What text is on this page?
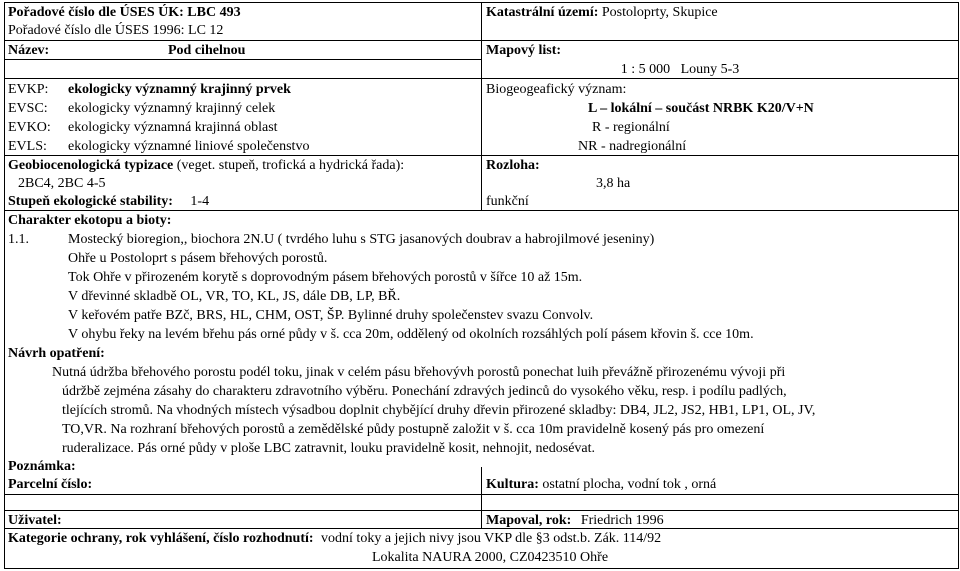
Pořadové číslo dle ÚSES ÚK: LBC 493
Pořadové číslo dle ÚSES 1996: LC 12
Katastrální území: Postoloprty, Skupice
Název:	Pod cihelnou	Mapový list:
1 : 5 000   Louny 5-3
EVKP: ekologicky významný krajinný prvek
EVSC: ekologicky významný krajinný celek
EVKO: ekologicky významná krajinná oblast
EVLS: ekologicky významné liniové společenstvo
Biogeogeafický význam:
L – lokální – součást NRBK K20/V+N
R - regionální
NR - nadregionální
Geobiocenologická typizace (veget. stupeň, trofická a hydrická řada):
2BC4, 2BC 4-5
Stupeň ekologické stability: 1-4
Rozloha:
3,8 ha
funkční
Charakter ekotopu a bioty:
1.1.	Mostecký bioregion,, biochora 2N.U ( tvrdého luhu s STG jasanových doubrav a habrojilmové jeseniny)
Ohře u Postoloprt s pásem břehových porostů.
Tok Ohře v přirozeném korytě s doprovodným pásem břehových porostů v šířce 10 až 15m.
V dřevinné skladbě OL, VR, TO, KL, JS, dále DB, LP, BŘ.
V keřovém patře BZč, BRS, HL, CHM, OST, ŠP. Bylinné druhy společenstev svazu Convolv.
V ohybu řeky na levém břehu pás orné půdy v š. cca 20m, oddělený od okolních rozsáhlých polí pásem křovin š. cce 10m.
Návrh opatření:
Nutná údržba břehového porostu podél toku, jinak v celém pásu břehovývh porostů ponechat luih převážně přirozenému vývoji při
údržbě zejména zásahy do charakteru zdravotního výběru. Ponechání zdravých jedinců do vysokého věku, resp. i podílu padlých,
tlejících stromů. Na vhodných místech výsadbou doplnit chybějící druhy dřevin přirozené skladby: DB4, JL2, JS2, HB1, LP1, OL, JV,
TO,VR. Na rozhraní břehových porostů a zemědělské půdy postupně založit v š. cca 10m pravidelně kosený pás pro omezení
ruderalizace. Pás orné půdy v ploše LBC zatravnit, louku pravidelně kosit, nehnojit, nedosévat.
Poznámka:
Parcelní číslo:	Kultura: ostatní plocha, vodní tok , orná
Uživatel:	Mapoval, rok: Friedrich 1996
Kategorie ochrany, rok vyhlášení, číslo rozhodnutí: vodní toky a jejich nivy jsou VKP dle §3 odst.b. Zák. 114/92
Lokalita NAURA 2000, CZ0423510 Ohře
